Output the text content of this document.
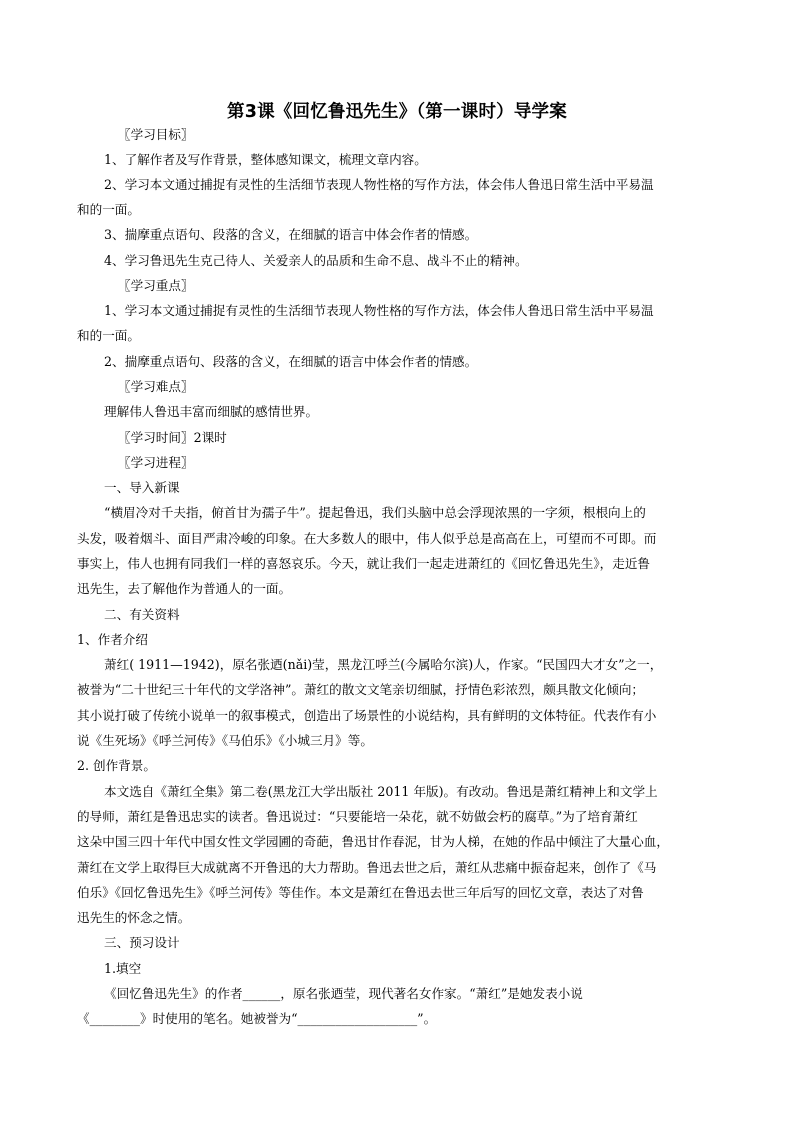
第3课《回忆鲁迅先生》（第一课时）导学案
〖学习目标〗
1、了解作者及写作背景，整体感知课文，梳理文章内容。
2、学习本文通过捕捉有灵性的生活细节表现人物性格的写作方法，体会伟人鲁迅日常生活中平易温
和的一面。
3、揣摩重点语句、段落的含义，在细腻的语言中体会作者的情感。
4、学习鲁迅先生克己待人、关爱亲人的品质和生命不息、战斗不止的精神。
〖学习重点〗
1、学习本文通过捕捉有灵性的生活细节表现人物性格的写作方法，体会伟人鲁迅日常生活中平易温
和的一面。
2、揣摩重点语句、段落的含义，在细腻的语言中体会作者的情感。
〖学习难点〗
理解伟人鲁迅丰富而细腻的感情世界。
〖学习时间〗2课时
〖学习进程〗
一、导入新课
“横眉冷对千夫指，俯首甘为孺子牛”。提起鲁迅，我们头脑中总会浮现浓黑的一字须，根根向上的
头发，吸着烟斗、面目严肃冷峻的印象。在大多数人的眼中，伟人似乎总是高高在上，可望而不可即。而
事实上，伟人也拥有同我们一样的喜怒哀乐。今天，就让我们一起走进萧红的《回忆鲁迅先生》，走近鲁
迅先生，去了解他作为普通人的一面。
二、有关资料
1、作者介绍
萧红( 1911—1942)，原名张迺(nǎi)莹，黑龙江呼兰(今属哈尔滨)人，作家。“民国四大才女”之一，
被誉为“二十世纪三十年代的文学洛神”。萧红的散文文笔亲切细腻，抒情色彩浓烈，颇具散文化倾向；
其小说打破了传统小说单一的叙事模式，创造出了场景性的小说结构，具有鲜明的文体特征。代表作有小
说《生死场》《呼兰河传》《马伯乐》《小城三月》等。
2. 创作背景。
本文选自《萧红全集》第二卷(黑龙江大学出版社 2011 年版)。有改动。鲁迅是萧红精神上和文学上
的导师，萧红是鲁迅忠实的读者。鲁迅说过：“只要能培一朵花，就不妨做会朽的腐草。”为了培育萧红
这朵中国三四十年代中国女性文学园圃的奇葩，鲁迅甘作春泥，甘为人梯，在她的作品中倾注了大量心血，
萧红在文学上取得巨大成就离不开鲁迅的大力帮助。鲁迅去世之后，萧红从悲痛中振奋起来，创作了《马
伯乐》《回忆鲁迅先生》《呼兰河传》等佳作。本文是萧红在鲁迅去世三年后写的回忆文章，表达了对鲁
迅先生的怀念之情。
三、预习设计
1.填空
《回忆鲁迅先生》的作者______，原名张迺莹，现代著名女作家。“萧红”是她发表小说
《________》时使用的笔名。她被誉为“___________________”。
